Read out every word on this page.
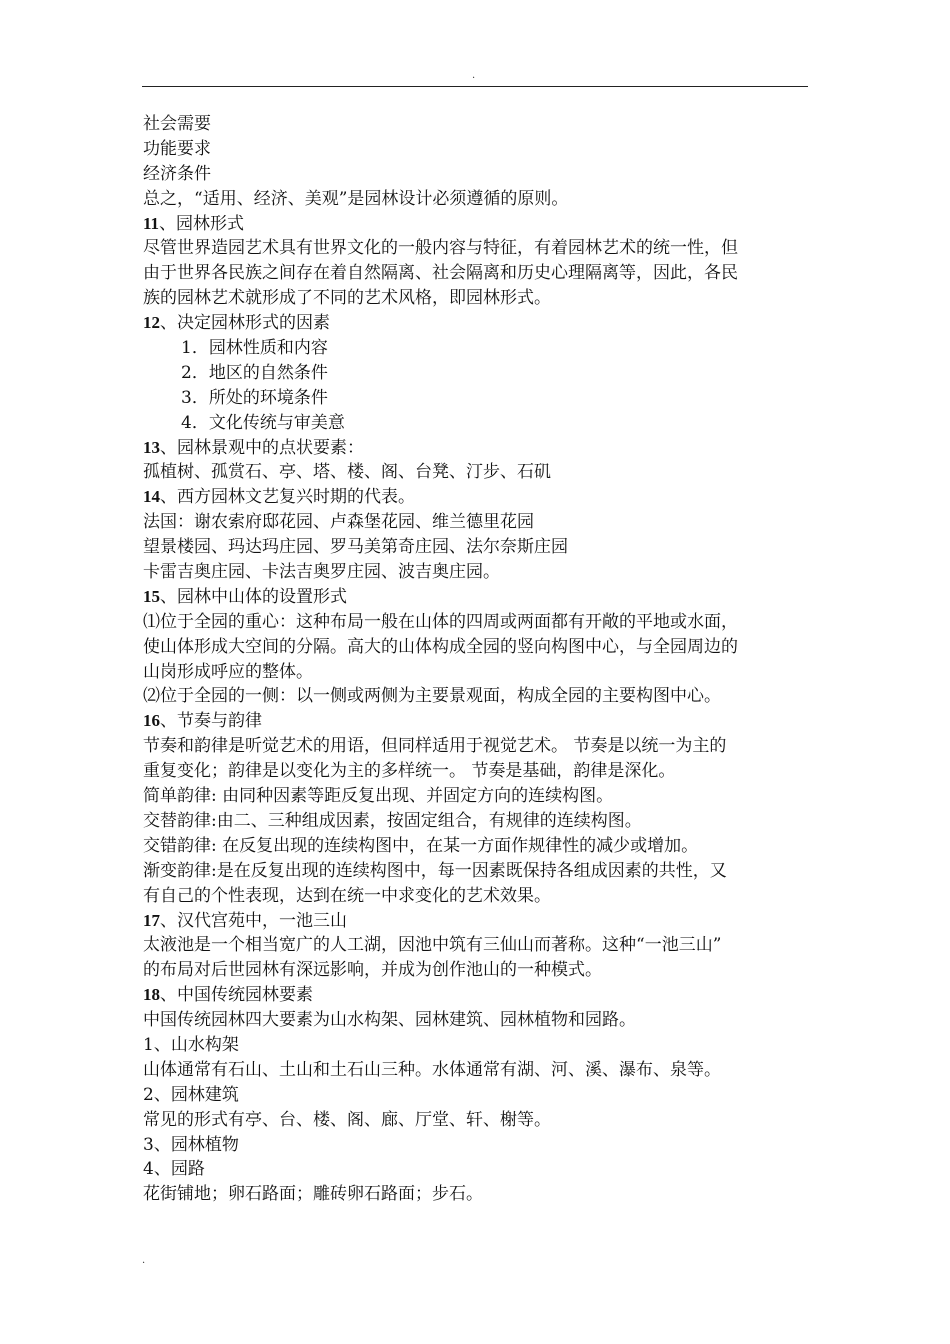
.
社会需要
功能要求
经济条件
总之，“适用、经济、美观”是园林设计必须遵循的原则。
11、园林形式
尽管世界造园艺术具有世界文化的一般内容与特征，有着园林艺术的统一性，但
由于世界各民族之间存在着自然隔离、社会隔离和历史心理隔离等，因此，各民
族的园林艺术就形成了不同的艺术风格，即园林形式。
12、决定园林形式的因素
1．园林性质和内容
2．地区的自然条件
3．所处的环境条件
4．文化传统与审美意
13、园林景观中的点状要素：
孤植树、孤赏石、亭、塔、楼、阁、台凳、汀步、石矶
14、西方园林文艺复兴时期的代表。
法国：谢农索府邸花园、卢森堡花园、维兰德里花园
望景楼园、玛达玛庄园、罗马美第奇庄园、法尔奈斯庄园
卡雷吉奥庄园、卡法吉奥罗庄园、波吉奥庄园。
15、园林中山体的设置形式
⑴位于全园的重心：这种布局一般在山体的四周或两面都有开敞的平地或水面，
使山体形成大空间的分隔。高大的山体构成全园的竖向构图中心，与全园周边的
山岗形成呼应的整体。
⑵位于全园的一侧：以一侧或两侧为主要景观面，构成全园的主要构图中心。
16、节奏与韵律
节奏和韵律是听觉艺术的用语，但同样适用于视觉艺术。 节奏是以统一为主的
重复变化；韵律是以变化为主的多样统一。 节奏是基础，韵律是深化。
简单韵律: 由同种因素等距反复出现、并固定方向的连续构图。
交替韵律:由二、三种组成因素，按固定组合，有规律的连续构图。
交错韵律: 在反复出现的连续构图中，在某一方面作规律性的减少或增加。
渐变韵律:是在反复出现的连续构图中，每一因素既保持各组成因素的共性，又
有自己的个性表现，达到在统一中求变化的艺术效果。
17、汉代宫苑中，一池三山
太液池是一个相当宽广的人工湖，因池中筑有三仙山而著称。这种“一池三山”
的布局对后世园林有深远影响，并成为创作池山的一种模式。
18、中国传统园林要素
中国传统园林四大要素为山水构架、园林建筑、园林植物和园路。
1、山水构架
山体通常有石山、土山和土石山三种。水体通常有湖、河、溪、瀑布、泉等。
2、园林建筑
常见的形式有亭、台、楼、阁、廊、厅堂、轩、榭等。
3、园林植物
4、园路
花街铺地；卵石路面；雕砖卵石路面；步石。
.
